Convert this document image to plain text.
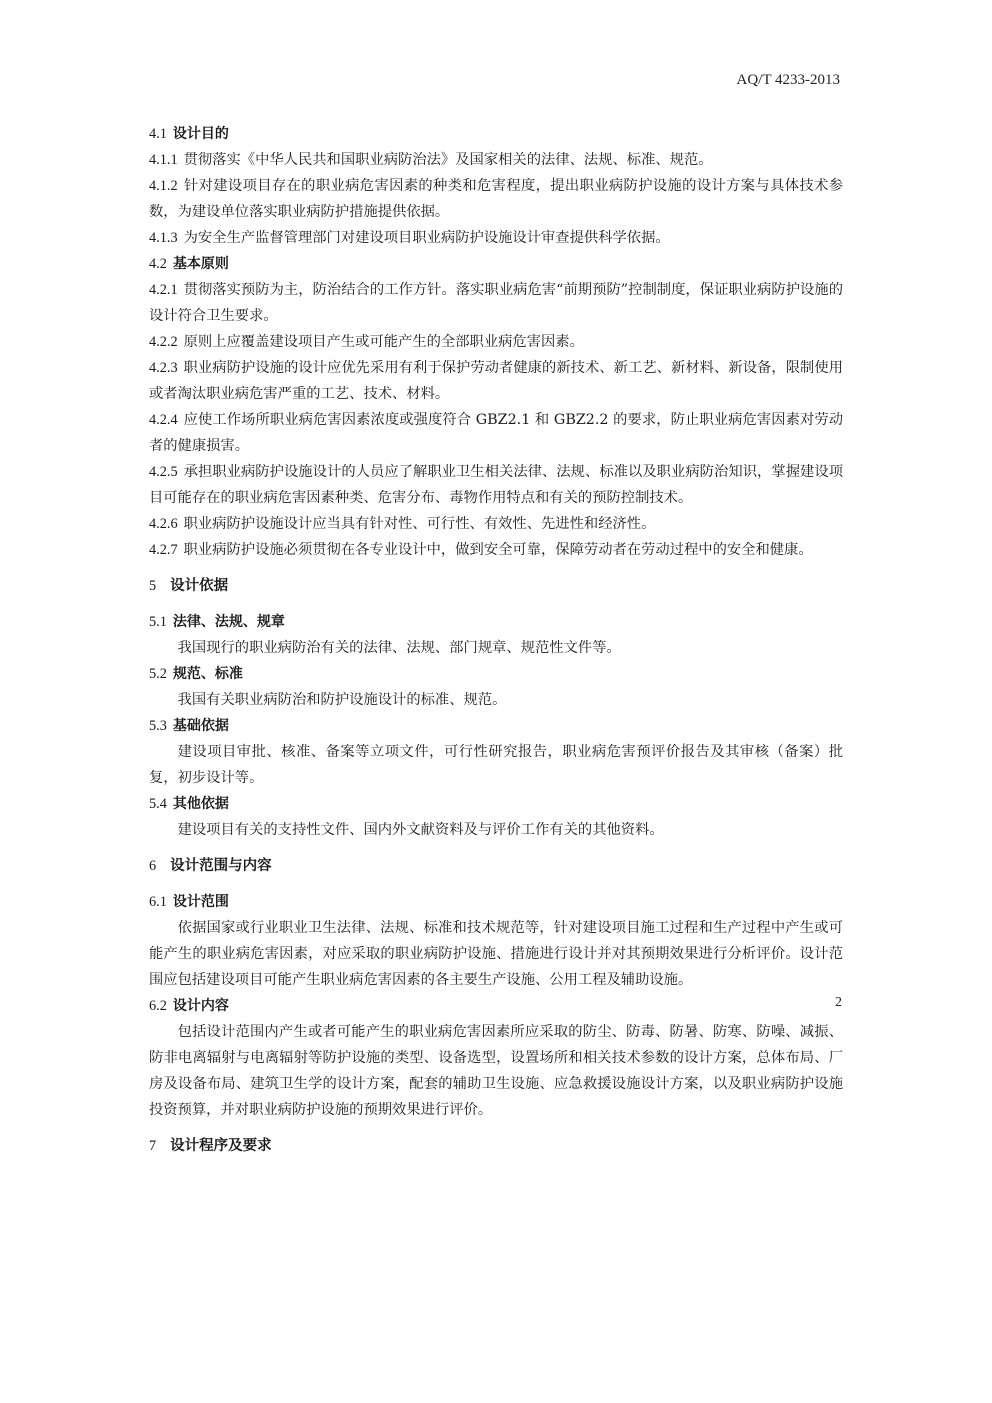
AQ/T 4233-2013

4.1 设计目的

4.1.1 贯彻落实《中华人民共和国职业病防治法》及国家相关的法律、法规、标准、规范。

4.1.2 针对建设项目存在的职业病危害因素的种类和危害程度，提出职业病防护设施的设计方案与具体技术参数，为建设单位落实职业病防护措施提供依据。

4.1.3 为安全生产监督管理部门对建设项目职业病防护设施设计审查提供科学依据。

4.2 基本原则

4.2.1 贯彻落实预防为主，防治结合的工作方针。落实职业病危害“前期预防”控制制度，保证职业病防护设施的设计符合卫生要求。

4.2.2 原则上应覆盖建设项目产生或可能产生的全部职业病危害因素。

4.2.3 职业病防护设施的设计应优先采用有利于保护劳动者健康的新技术、新工艺、新材料、新设备，限制使用或者淘汰职业病危害严重的工艺、技术、材料。

4.2.4 应使工作场所职业病危害因素浓度或强度符合 GBZ2.1 和 GBZ2.2 的要求，防止职业病危害因素对劳动者的健康损害。

4.2.5 承担职业病防护设施设计的人员应了解职业卫生相关法律、法规、标准以及职业病防治知识，掌握建设项目可能存在的职业病危害因素种类、危害分布、毒物作用特点和有关的预防控制技术。

4.2.6 职业病防护设施设计应当具有针对性、可行性、有效性、先进性和经济性。

4.2.7 职业病防护设施必须贯彻在各专业设计中，做到安全可靠，保障劳动者在劳动过程中的安全和健康。

5 设计依据

5.1 法律、法规、规章

我国现行的职业病防治有关的法律、法规、部门规章、规范性文件等。

5.2 规范、标准

我国有关职业病防治和防护设施设计的标准、规范。

5.3 基础依据

建设项目审批、核准、备案等立项文件，可行性研究报告，职业病危害预评价报告及其审核（备案）批复，初步设计等。

5.4 其他依据

建设项目有关的支持性文件、国内外文献资料及与评价工作有关的其他资料。

6 设计范围与内容

6.1 设计范围

依据国家或行业职业卫生法律、法规、标准和技术规范等，针对建设项目施工过程和生产过程中产生或可能产生的职业病危害因素，对应采取的职业病防护设施、措施进行设计并对其预期效果进行分析评价。设计范围应包括建设项目可能产生职业病危害因素的各主要生产设施、公用工程及辅助设施。

6.2 设计内容

包括设计范围内产生或者可能产生的职业病危害因素所应采取的防尘、防毒、防暑、防寒、防噪、减振、防非电离辐射与电离辐射等防护设施的类型、设备选型，设置场所和相关技术参数的设计方案，总体布局、厂房及设备布局、建筑卫生学的设计方案，配套的辅助卫生设施、应急救援设施设计方案，以及职业病防护设施投资预算，并对职业病防护设施的预期效果进行评价。

7 设计程序及要求

2
